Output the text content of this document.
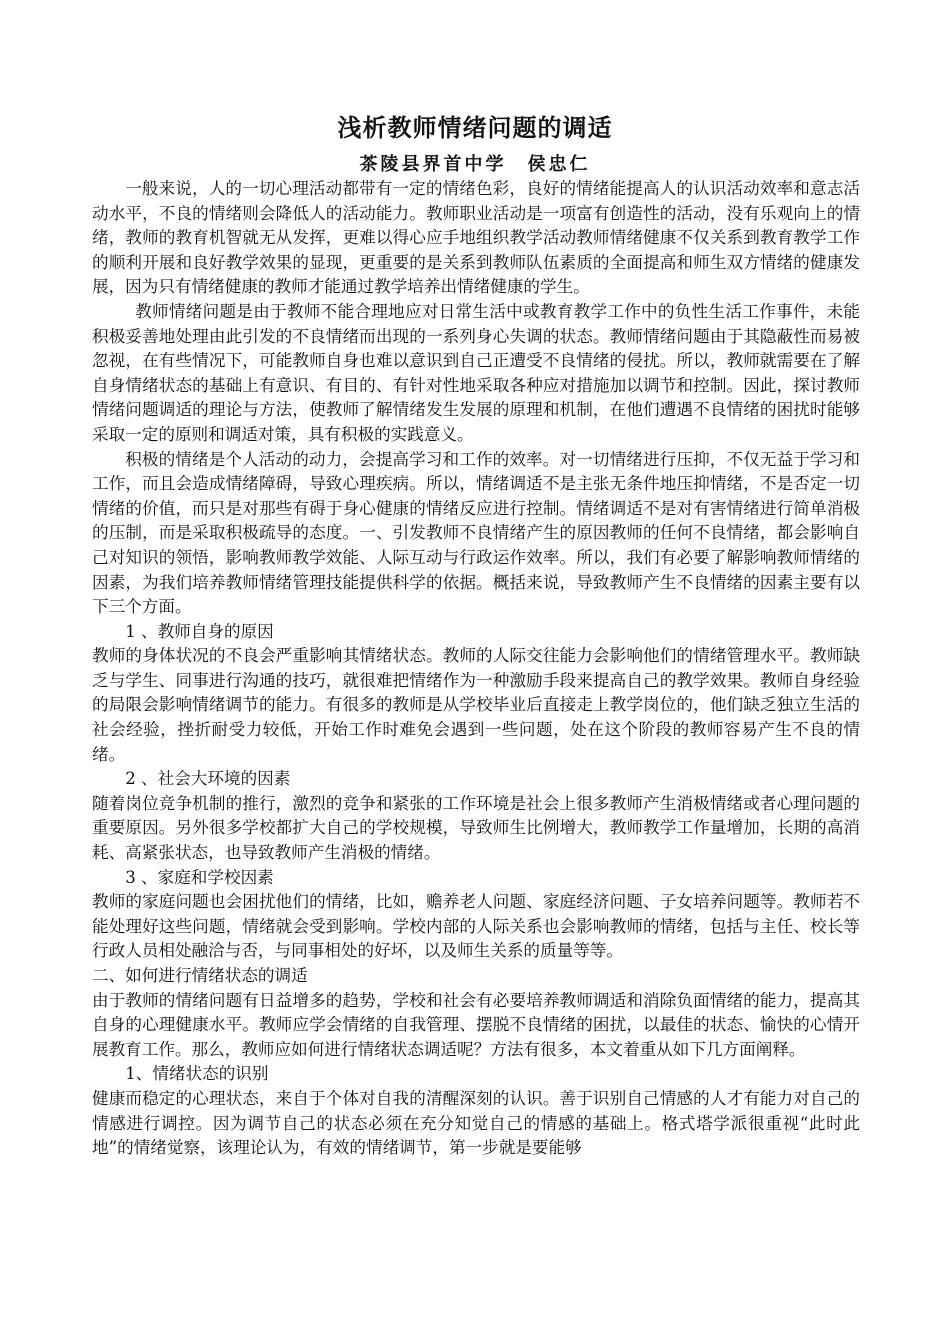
浅析教师情绪问题的调适
茶陵县界首中学　侯忠仁

一般来说，人的一切心理活动都带有一定的情绪色彩，良好的情绪能提高人的认识活动效率和意志活动水平，不良的情绪则会降低人的活动能力。教师职业活动是一项富有创造性的活动，没有乐观向上的情绪，教师的教育机智就无从发挥，更难以得心应手地组织教学活动教师情绪健康不仅关系到教育教学工作的顺利开展和良好教学效果的显现，更重要的是关系到教师队伍素质的全面提高和师生双方情绪的健康发展，因为只有情绪健康的教师才能通过教学培养出情绪健康的学生。

教师情绪问题是由于教师不能合理地应对日常生活中或教育教学工作中的负性生活工作事件，未能积极妥善地处理由此引发的不良情绪而出现的一系列身心失调的状态。教师情绪问题由于其隐蔽性而易被忽视，在有些情况下，可能教师自身也难以意识到自己正遭受不良情绪的侵扰。所以，教师就需要在了解自身情绪状态的基础上有意识、有目的、有针对性地采取各种应对措施加以调节和控制。因此，探讨教师情绪问题调适的理论与方法，使教师了解情绪发生发展的原理和机制，在他们遭遇不良情绪的困扰时能够采取一定的原则和调适对策，具有积极的实践意义。

积极的情绪是个人活动的动力，会提高学习和工作的效率。对一切情绪进行压抑，不仅无益于学习和工作，而且会造成情绪障碍，导致心理疾病。所以，情绪调适不是主张无条件地压抑情绪，不是否定一切情绪的价值，而只是对那些有碍于身心健康的情绪反应进行控制。情绪调适不是对有害情绪进行简单消极的压制，而是采取积极疏导的态度。一、引发教师不良情绪产生的原因教师的任何不良情绪，都会影响自己对知识的领悟，影响教师教学效能、人际互动与行政运作效率。所以，我们有必要了解影响教师情绪的因素，为我们培养教师情绪管理技能提供科学的依据。概括来说，导致教师产生不良情绪的因素主要有以下三个方面。

1 、教师自身的原因

教师的身体状况的不良会严重影响其情绪状态。教师的人际交往能力会影响他们的情绪管理水平。教师缺乏与学生、同事进行沟通的技巧，就很难把情绪作为一种激励手段来提高自己的教学效果。教师自身经验的局限会影响情绪调节的能力。有很多的教师是从学校毕业后直接走上教学岗位的，他们缺乏独立生活的社会经验，挫折耐受力较低，开始工作时难免会遇到一些问题，处在这个阶段的教师容易产生不良的情绪。

2 、社会大环境的因素

随着岗位竞争机制的推行，激烈的竞争和紧张的工作环境是社会上很多教师产生消极情绪或者心理问题的重要原因。另外很多学校都扩大自己的学校规模，导致师生比例增大，教师教学工作量增加，长期的高消耗、高紧张状态，也导致教师产生消极的情绪。

3 、家庭和学校因素

教师的家庭问题也会困扰他们的情绪，比如，赡养老人问题、家庭经济问题、子女培养问题等。教师若不能处理好这些问题，情绪就会受到影响。学校内部的人际关系也会影响教师的情绪，包括与主任、校长等行政人员相处融洽与否，与同事相处的好坏，以及师生关系的质量等等。

二、如何进行情绪状态的调适

由于教师的情绪问题有日益增多的趋势，学校和社会有必要培养教师调适和消除负面情绪的能力，提高其自身的心理健康水平。教师应学会情绪的自我管理、摆脱不良情绪的困扰，以最佳的状态、愉快的心情开展教育工作。那么，教师应如何进行情绪状态调适呢？方法有很多，本文着重从如下几方面阐释。

1、情绪状态的识别

健康而稳定的心理状态，来自于个体对自我的清醒深刻的认识。善于识别自己情感的人才有能力对自己的情感进行调控。因为调节自己的状态必须在充分知觉自己的情感的基础上。格式塔学派很重视“此时此地”的情绪觉察，该理论认为，有效的情绪调节，第一步就是要能够
